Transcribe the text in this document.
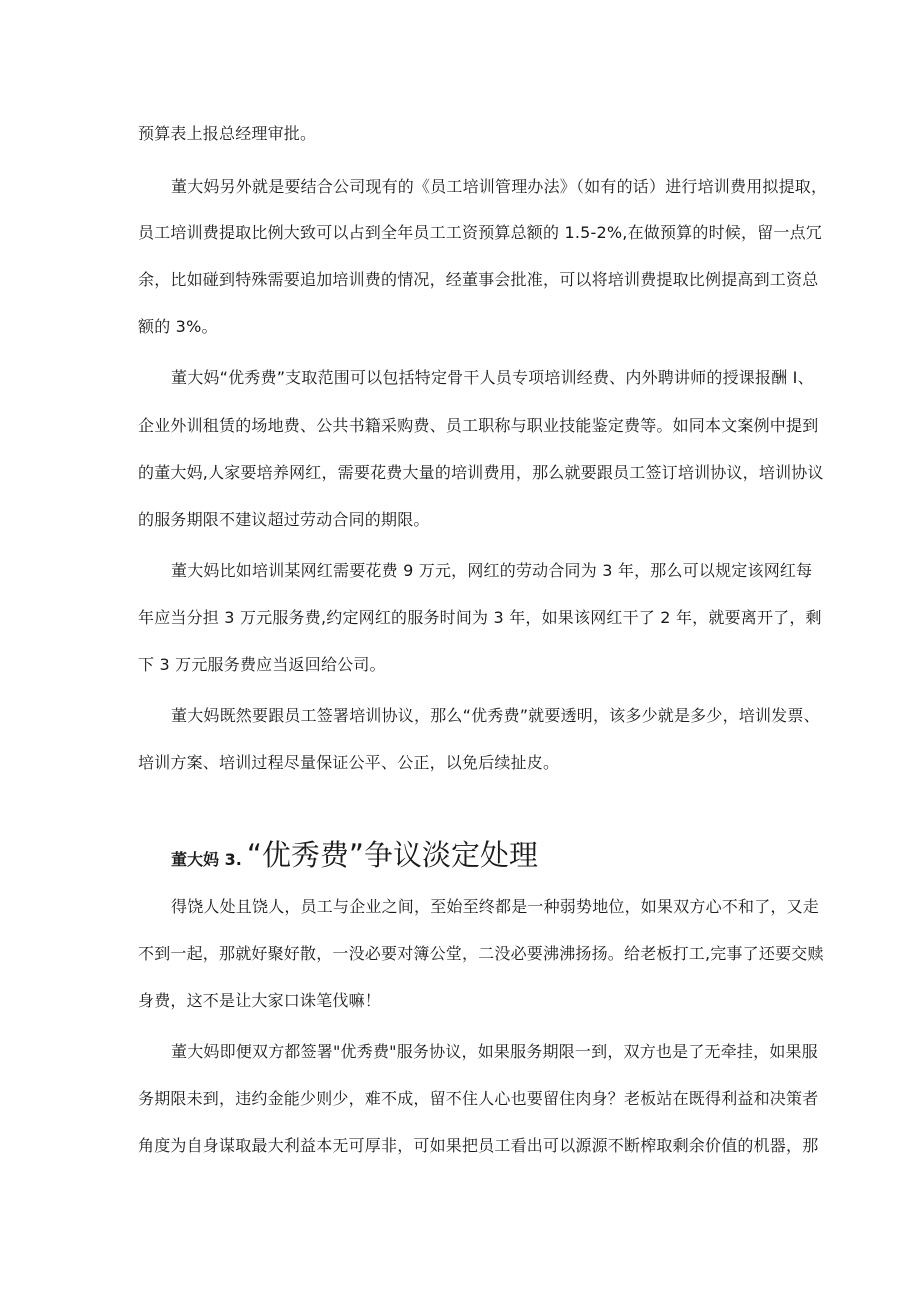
预算表上报总经理审批。
董大妈另外就是要结合公司现有的《员工培训管理办法》（如有的话）进行培训费用拟提取，
员工培训费提取比例大致可以占到全年员工工资预算总额的 1.5-2%,在做预算的时候，留一点冗
余，比如碰到特殊需要追加培训费的情况，经董事会批准，可以将培训费提取比例提高到工资总
额的 3%。
董大妈“优秀费”支取范围可以包括特定骨干人员专项培训经费、内外聘讲师的授课报酬 I、
企业外训租赁的场地费、公共书籍采购费、员工职称与职业技能鉴定费等。如同本文案例中提到
的董大妈,人家要培养网红，需要花费大量的培训费用，那么就要跟员工签订培训协议，培训协议
的服务期限不建议超过劳动合同的期限。
董大妈比如培训某网红需要花费 9 万元，网红的劳动合同为 3 年，那么可以规定该网红每
年应当分担 3 万元服务费,约定网红的服务时间为 3 年，如果该网红干了 2 年，就要离开了，剩
下 3 万元服务费应当返回给公司。
董大妈既然要跟员工签署培训协议，那么“优秀费”就要透明，该多少就是多少，培训发票、
培训方案、培训过程尽量保证公平、公正，以免后续扯皮。
董大妈 3. “优秀费”争议淡定处理
得饶人处且饶人，员工与企业之间，至始至终都是一种弱势地位，如果双方心不和了，又走
不到一起，那就好聚好散，一没必要对簿公堂，二没必要沸沸扬扬。给老板打工,完事了还要交赎
身费，这不是让大家口诛笔伐嘛！
董大妈即便双方都签署"优秀费"服务协议，如果服务期限一到，双方也是了无牵挂，如果服
务期限未到，违约金能少则少，难不成，留不住人心也要留住肉身？老板站在既得利益和决策者
角度为自身谋取最大利益本无可厚非，可如果把员工看出可以源源不断榨取剩余价值的机器，那
